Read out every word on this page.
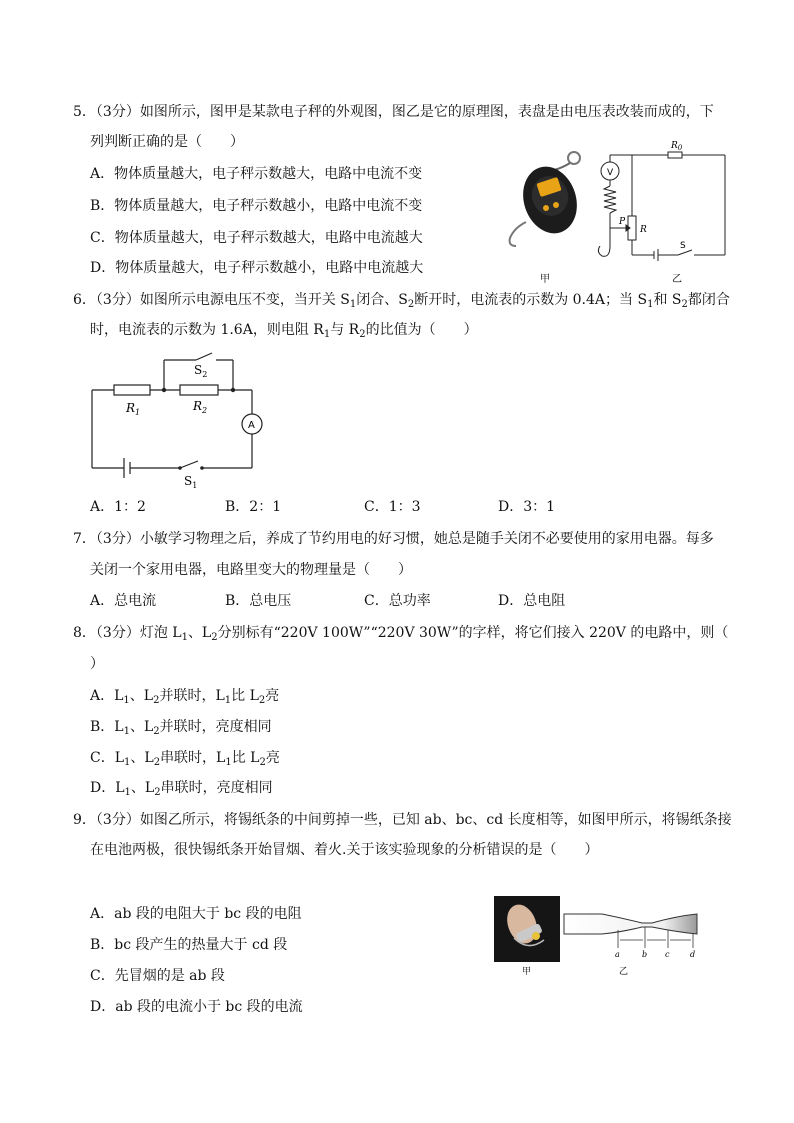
5．（3分）如图所示，图甲是某款电子秤的外观图，图乙是它的原理图，表盘是由电压表改装而成的，下
列判断正确的是（　　）
A．物体质量越大，电子秤示数越大，电路中电流不变
B．物体质量越大，电子秤示数越小，电路中电流不变
C．物体质量越大，电子秤示数越大，电路中电流越大
D．物体质量越大，电子秤示数越小，电路中电流越大
甲
V
$R_0$
R
P
S
乙
6．（3分）如图所示电源电压不变，当开关 $S_1$闭合、$S_2$断开时，电流表的示数为 0.4A；当 $S_1$和 $S_2$都闭合
时，电流表的示数为 1.6A，则电阻 $R_1$与 $R_2$的比值为（　　）
$S_2$
$R_1$	$R_2$
A
$S_1$
A．1：2	B．2：1	C．1：3	D．3：1
7．（3分）小敏学习物理之后，养成了节约用电的好习惯，她总是随手关闭不必要使用的家用电器。每多
关闭一个家用电器，电路里变大的物理量是（　　）
A．总电流	B．总电压	C．总功率	D．总电阻
8．（3分）灯泡 $L_1$、$L_2$分别标有“220V 100W”“220V 30W”的字样，将它们接入 220V 的电路中，则（
）
A．$L_1$、$L_2$并联时，$L_1$比 $L_2$亮
B．$L_1$、$L_2$并联时，亮度相同
C．$L_1$、$L_2$串联时，$L_1$比 $L_2$亮
D．$L_1$、$L_2$串联时，亮度相同
9．（3分）如图乙所示，将锡纸条的中间剪掉一些，已知 ab、bc、cd 长度相等，如图甲所示，将锡纸条接
在电池两极，很快锡纸条开始冒烟、着火.关于该实验现象的分析错误的是（　　）
A．ab 段的电阻大于 bc 段的电阻
B．bc 段产生的热量大于 cd 段
C．先冒烟的是 ab 段
D．ab 段的电流小于 bc 段的电流
甲
a	b c	d
乙
